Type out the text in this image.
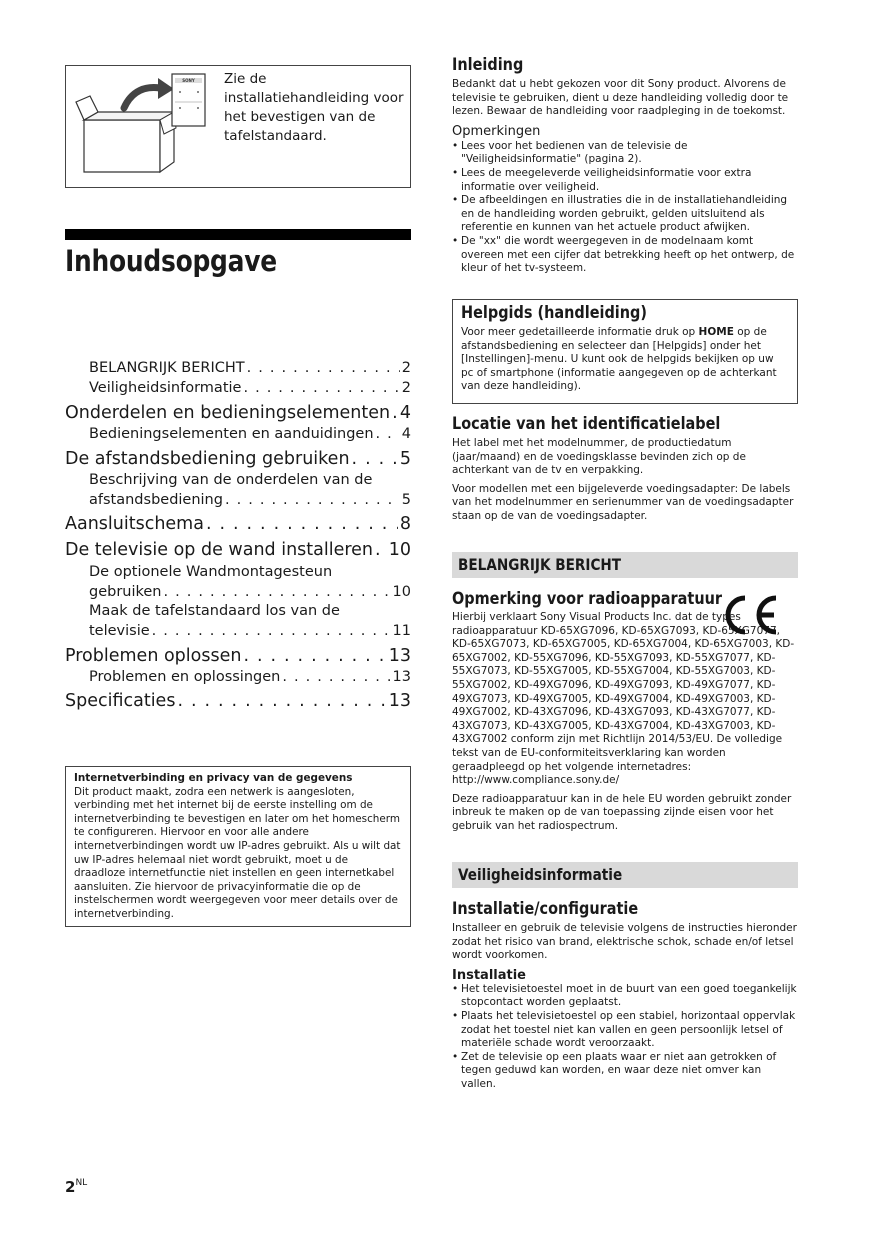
SONY Zie de installatiehandleiding voor het bevestigen van de tafelstandaard.
Inhoudsopgave
BELANGRIJK BERICHT . . .	2
Veiligheidsinformatie . . .	2
Onderdelen en bedieningselementen . . . 4
Bedieningselementen en aanduidingen . . . 4
De afstandsbediening gebruiken . . .	5
Beschrijving van de onderdelen van de
afstandsbediening . . .	5
Aansluitschema . . .	8
De televisie op de wand installeren . . . 10
De optionele Wandmontagesteun
gebruiken . . .	10
Maak de tafelstandaard los van de
televisie . . .	11
Problemen oplossen . . .	13
Problemen en oplossingen . . .	13
Specificaties . . .	13
Internetverbinding en privacy van de gegevens
Dit product maakt, zodra een netwerk is aangesloten, verbinding met het internet bij de eerste instelling om de internetverbinding te bevestigen en later om het homescherm te configureren. Hiervoor en voor alle andere internetverbindingen wordt uw IP-adres gebruikt. Als u wilt dat uw IP-adres helemaal niet wordt gebruikt, moet u de draadloze internetfunctie niet instellen en geen internetkabel aansluiten. Zie hiervoor de privacyinformatie die op de instelschermen wordt weergegeven voor meer details over de internetverbinding.
$2^{NL}$
Inleiding
Bedankt dat u hebt gekozen voor dit Sony product. Alvorens de televisie te gebruiken, dient u deze handleiding volledig door te lezen. Bewaar de handleiding voor raadpleging in de toekomst.
Opmerkingen
• Lees voor het bedienen van de televisie de "Veiligheidsinformatie" (pagina 2).
• Lees de meegeleverde veiligheidsinformatie voor extra informatie over veiligheid.
• De afbeeldingen en illustraties die in de installatiehandleiding en de handleiding worden gebruikt, gelden uitsluitend als referentie en kunnen van het actuele product afwijken.
• De "xx" die wordt weergegeven in de modelnaam komt overeen met een cijfer dat betrekking heeft op het ontwerp, de kleur of het tv-systeem.
Helpgids (handleiding)
Voor meer gedetailleerde informatie druk op HOME op de afstandsbediening en selecteer dan [Helpgids] onder het [Instellingen]-menu. U kunt ook de helpgids bekijken op uw pc of smartphone (informatie aangegeven op de achterkant van deze handleiding).
Locatie van het identificatielabel
Het label met het modelnummer, de productiedatum (jaar/maand) en de voedingsklasse bevinden zich op de achterkant van de tv en verpakking.
Voor modellen met een bijgeleverde voedingsadapter: De labels van het modelnummer en serienummer van de voedingsadapter staan op de van de voedingsadapter.
BELANGRIJK BERICHT
Opmerking voor radioapparatuur
Hierbij verklaart Sony Visual Products Inc. dat de types radioapparatuur KD-65XG7096, KD-65XG7093, KD-65XG7077, KD-65XG7073, KD-65XG7005, KD-65XG7004, KD-65XG7003, KD-65XG7002, KD-55XG7096, KD-55XG7093, KD-55XG7077, KD-55XG7073, KD-55XG7005, KD-55XG7004, KD-55XG7003, KD-55XG7002, KD-49XG7096, KD-49XG7093, KD-49XG7077, KD-49XG7073, KD-49XG7005, KD-49XG7004, KD-49XG7003, KD-49XG7002, KD-43XG7096, KD-43XG7093, KD-43XG7077, KD-43XG7073, KD-43XG7005, KD-43XG7004, KD-43XG7003, KD-43XG7002 conform zijn met Richtlijn 2014/53/EU. De volledige tekst van de EU-conformiteitsverklaring kan worden geraadpleegd op het volgende internetadres: http://www.compliance.sony.de/
Deze radioapparatuur kan in de hele EU worden gebruikt zonder inbreuk te maken op de van toepassing zijnde eisen voor het gebruik van het radiospectrum.
Veiligheidsinformatie
Installatie/configuratie
Installeer en gebruik de televisie volgens de instructies hieronder zodat het risico van brand, elektrische schok, schade en/of letsel wordt voorkomen.
Installatie
• Het televisietoestel moet in de buurt van een goed toegankelijk stopcontact worden geplaatst.
• Plaats het televisietoestel op een stabiel, horizontaal oppervlak zodat het toestel niet kan vallen en geen persoonlijk letsel of materiële schade wordt veroorzaakt.
• Zet de televisie op een plaats waar er niet aan getrokken of tegen geduwd kan worden, en waar deze niet omver kan vallen.
